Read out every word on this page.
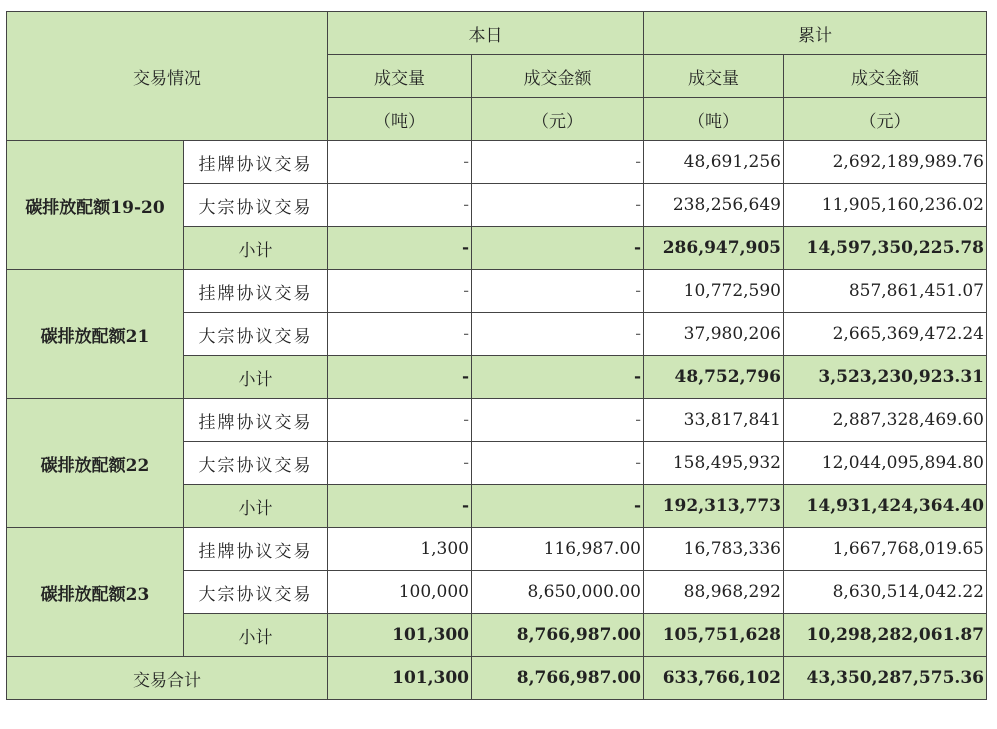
交易情况		本日		累计	
		成交量	成交金额	成交量	成交金额
		（吨）	（元）	（吨）	（元）
碳排放配额19-20	挂牌协议交易	-	-	48,691,256	2,692,189,989.76
	大宗协议交易	-	-	238,256,649	11,905,160,236.02
	小计	-	-	286,947,905	14,597,350,225.78
碳排放配额21	挂牌协议交易	-	-	10,772,590	857,861,451.07
	大宗协议交易	-	-	37,980,206	2,665,369,472.24
	小计	-	-	48,752,796	3,523,230,923.31
碳排放配额22	挂牌协议交易	-	-	33,817,841	2,887,328,469.60
	大宗协议交易	-	-	158,495,932	12,044,095,894.80
	小计	-	-	192,313,773	14,931,424,364.40
碳排放配额23	挂牌协议交易	1,300	116,987.00	16,783,336	1,667,768,019.65
	大宗协议交易	100,000	8,650,000.00	88,968,292	8,630,514,042.22
	小计	101,300	8,766,987.00	105,751,628	10,298,282,061.87
交易合计		101,300	8,766,987.00	633,766,102	43,350,287,575.36
